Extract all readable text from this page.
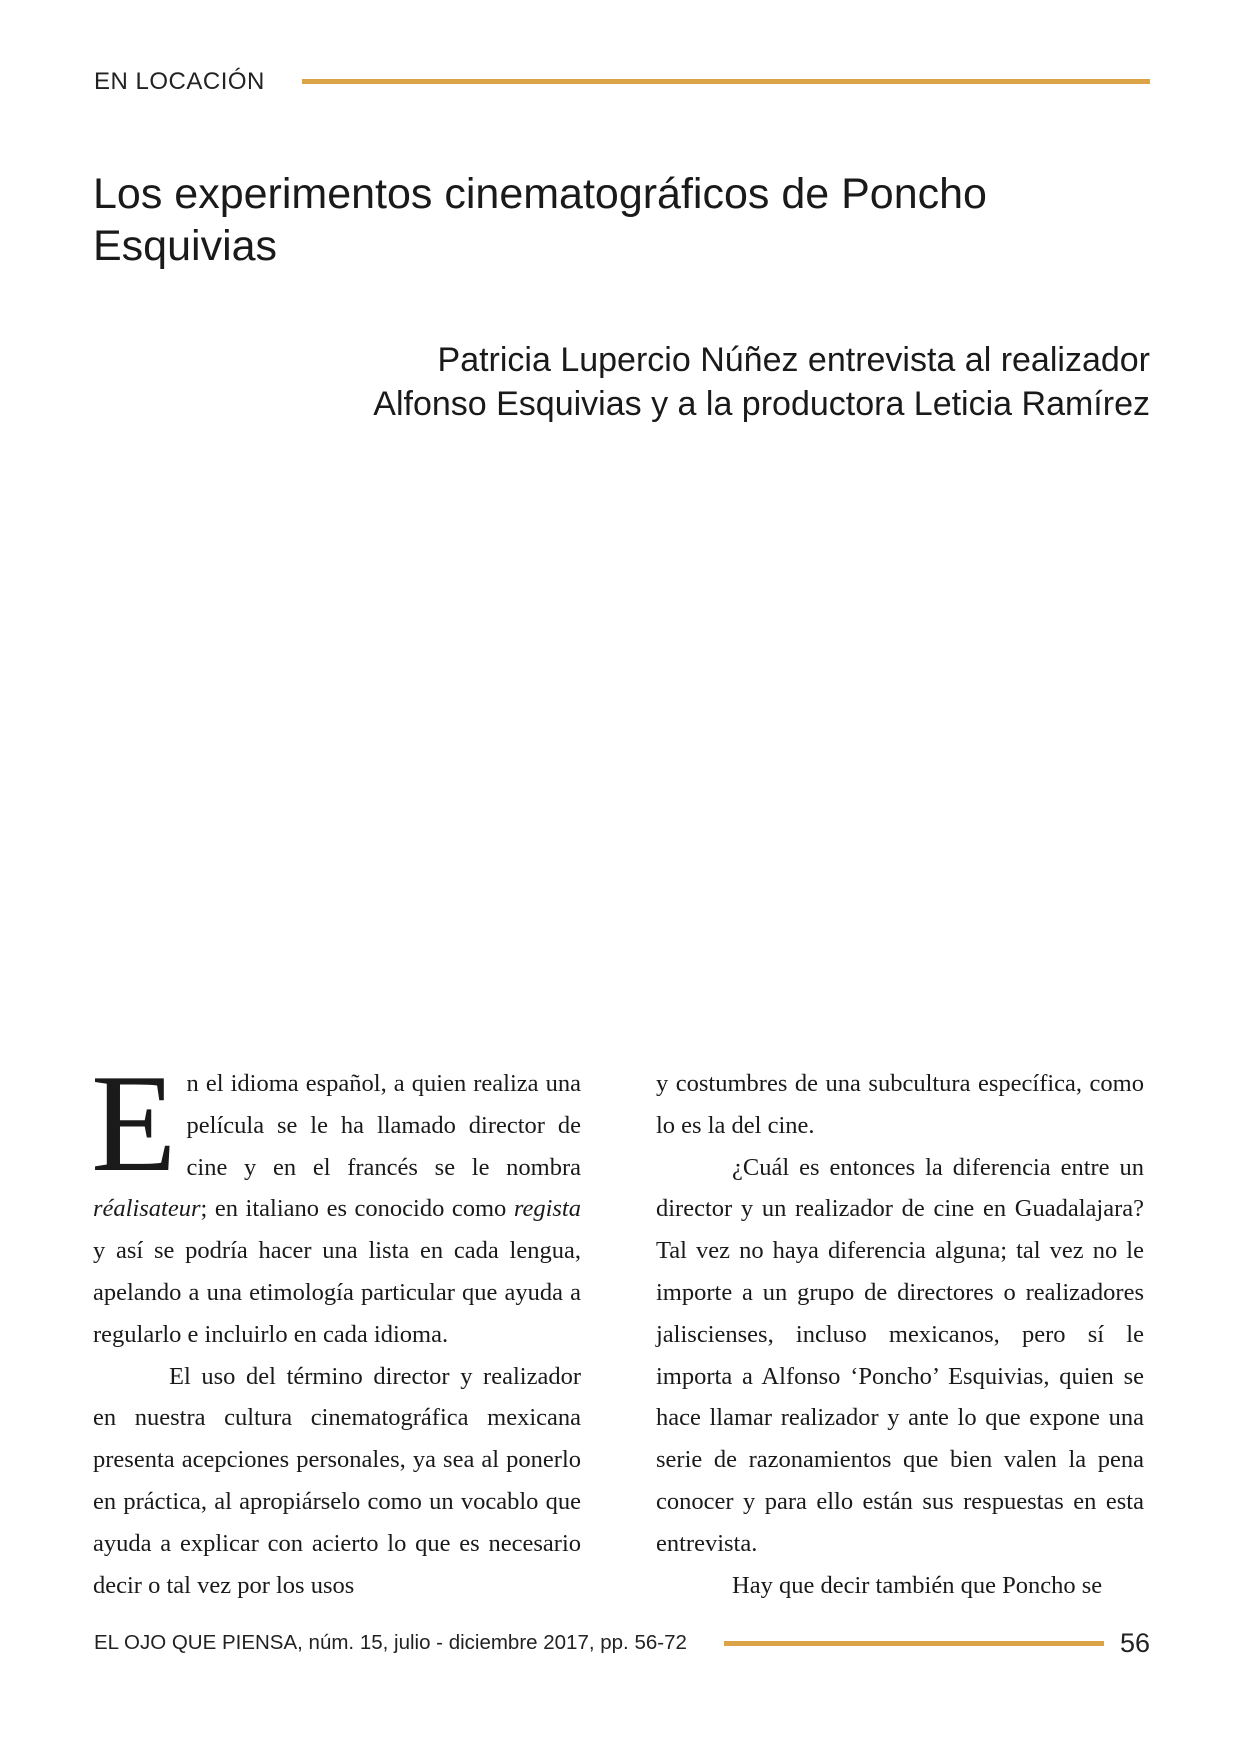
EN LOCACIÓN
Los experimentos cinematográficos de Poncho Esquivias
Patricia Lupercio Núñez entrevista al realizador
Alfonso Esquivias y a la productora Leticia Ramírez

En el idioma español, a quien realiza una película se le ha llamado director de cine y en el francés se le nombra réalisateur; en italiano es conocido como regista y así se podría hacer una lista en cada lengua, apelando a una etimología particular que ayuda a regularlo e incluirlo en cada idioma.

El uso del término director y realizador en nuestra cultura cinematográfica mexicana presenta acepciones personales, ya sea al ponerlo en práctica, al apropiárselo como un vocablo que ayuda a explicar con acierto lo que es necesario decir o tal vez por los usos

y costumbres de una subcultura específica, como lo es la del cine.

¿Cuál es entonces la diferencia entre un director y un realizador de cine en Guadalajara? Tal vez no haya diferencia alguna; tal vez no le importe a un grupo de directores o realizadores jaliscienses, incluso mexicanos, pero sí le importa a Alfonso ‘Poncho’ Esquivias, quien se hace llamar realizador y ante lo que expone una serie de razonamientos que bien valen la pena conocer y para ello están sus respuestas en esta entrevista.

Hay que decir también que Poncho se

EL OJO QUE PIENSA, núm. 15, julio - diciembre 2017, pp. 56-72	56
